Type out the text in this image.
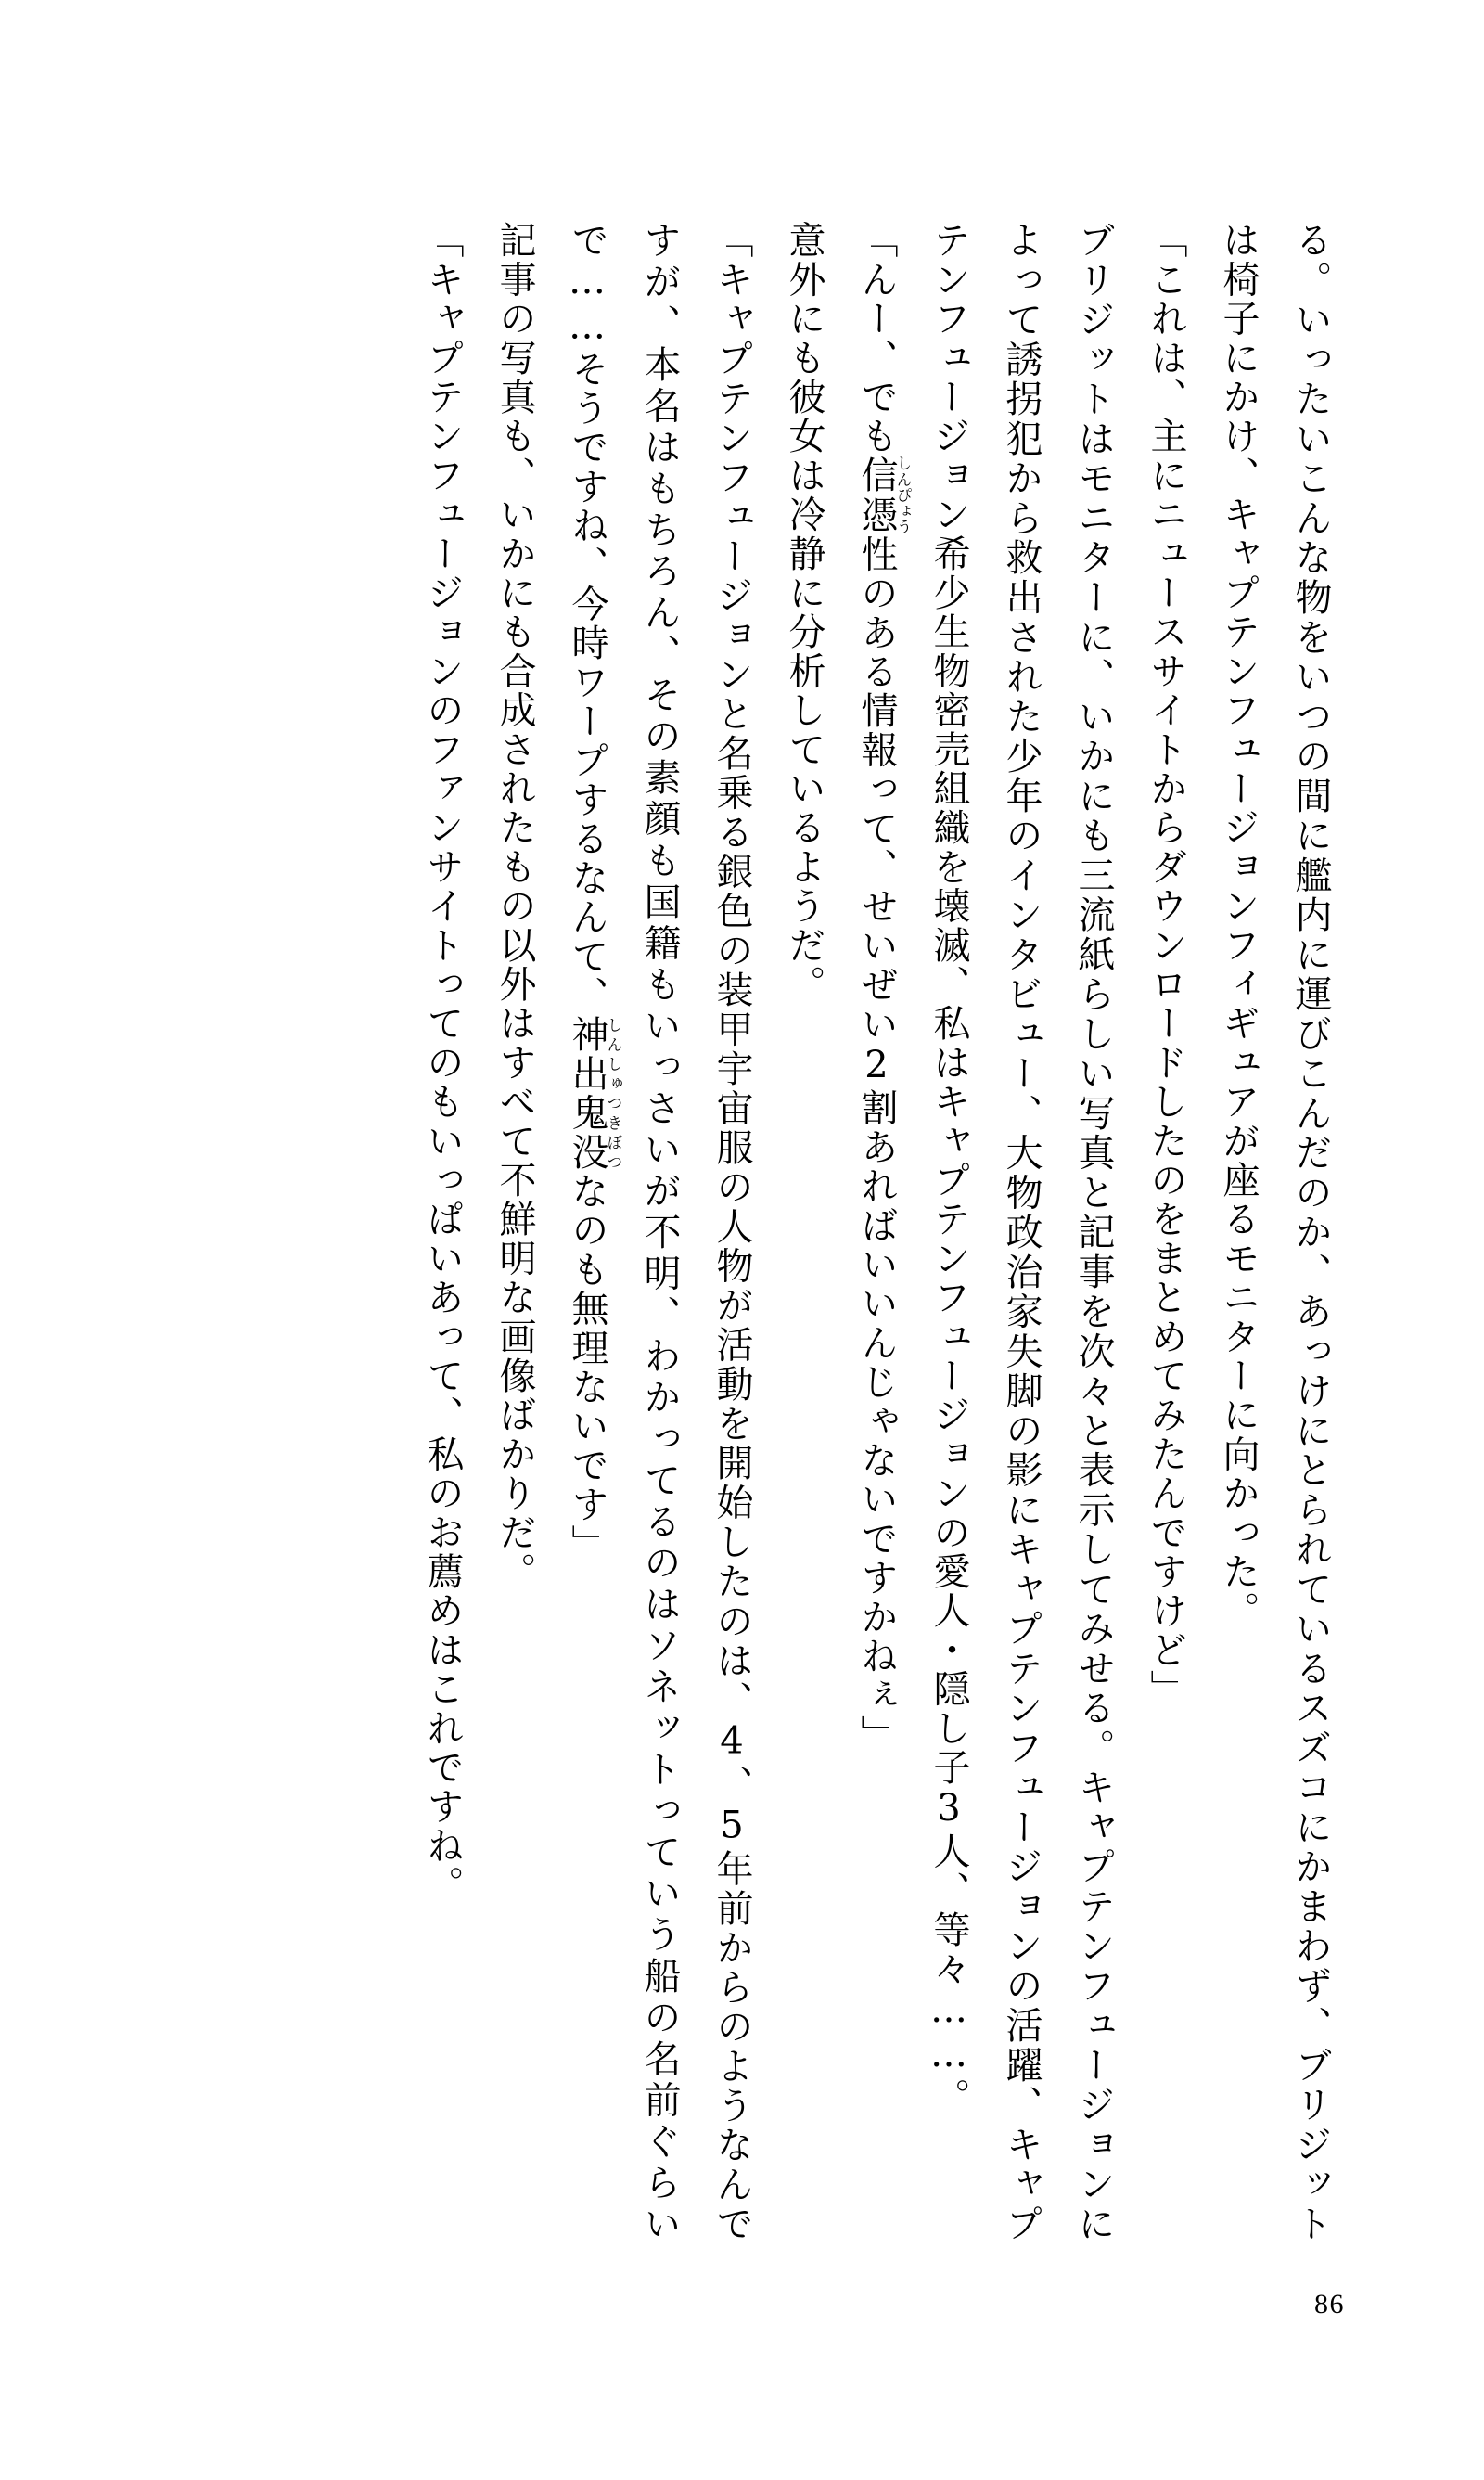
る。いったいこんな物をいつの間に艦内に運びこんだのか、あっけにとられているスズコにかまわず、ブリジットは椅子にかけ、キャプテンフュージョンフィギュアが座るモニターに向かった。

「これは、主にニュースサイトからダウンロードしたのをまとめてみたんですけど」

ブリジットはモニターに、いかにも三流紙らしい写真と記事を次々と表示してみせる。キャプテンフュージョンによって誘拐犯から救出された少年のインタビュー、大物政治家失脚の影にキャプテンフュージョンの活躍、キャプテンフュージョン希少生物密売組織を壊滅、私はキャプテンフュージョンの愛人・隠し子3人、等々……。

「んー、でも信憑しんぴょう性のある情報って、せいぜい2割あればいいんじゃないですかねぇ」

意外にも彼女は冷静に分析しているようだ。

「キャプテンフュージョンと名乗る銀色の装甲宇宙服の人物が活動を開始したのは、4、5年前からのようなんですが、本名はもちろん、その素顔も国籍もいっさいが不明、わかってるのはソネットっていう船の名前ぐらいで……そうですね、今時ワープするなんて、神出鬼没しんしゅつきぼつなのも無理ないです」

記事の写真も、いかにも合成されたもの以外はすべて不鮮明な画像ばかりだ。

「キャプテンフュージョンのファンサイトってのもいっぱいあって、私のお薦めはこれですね。

86
